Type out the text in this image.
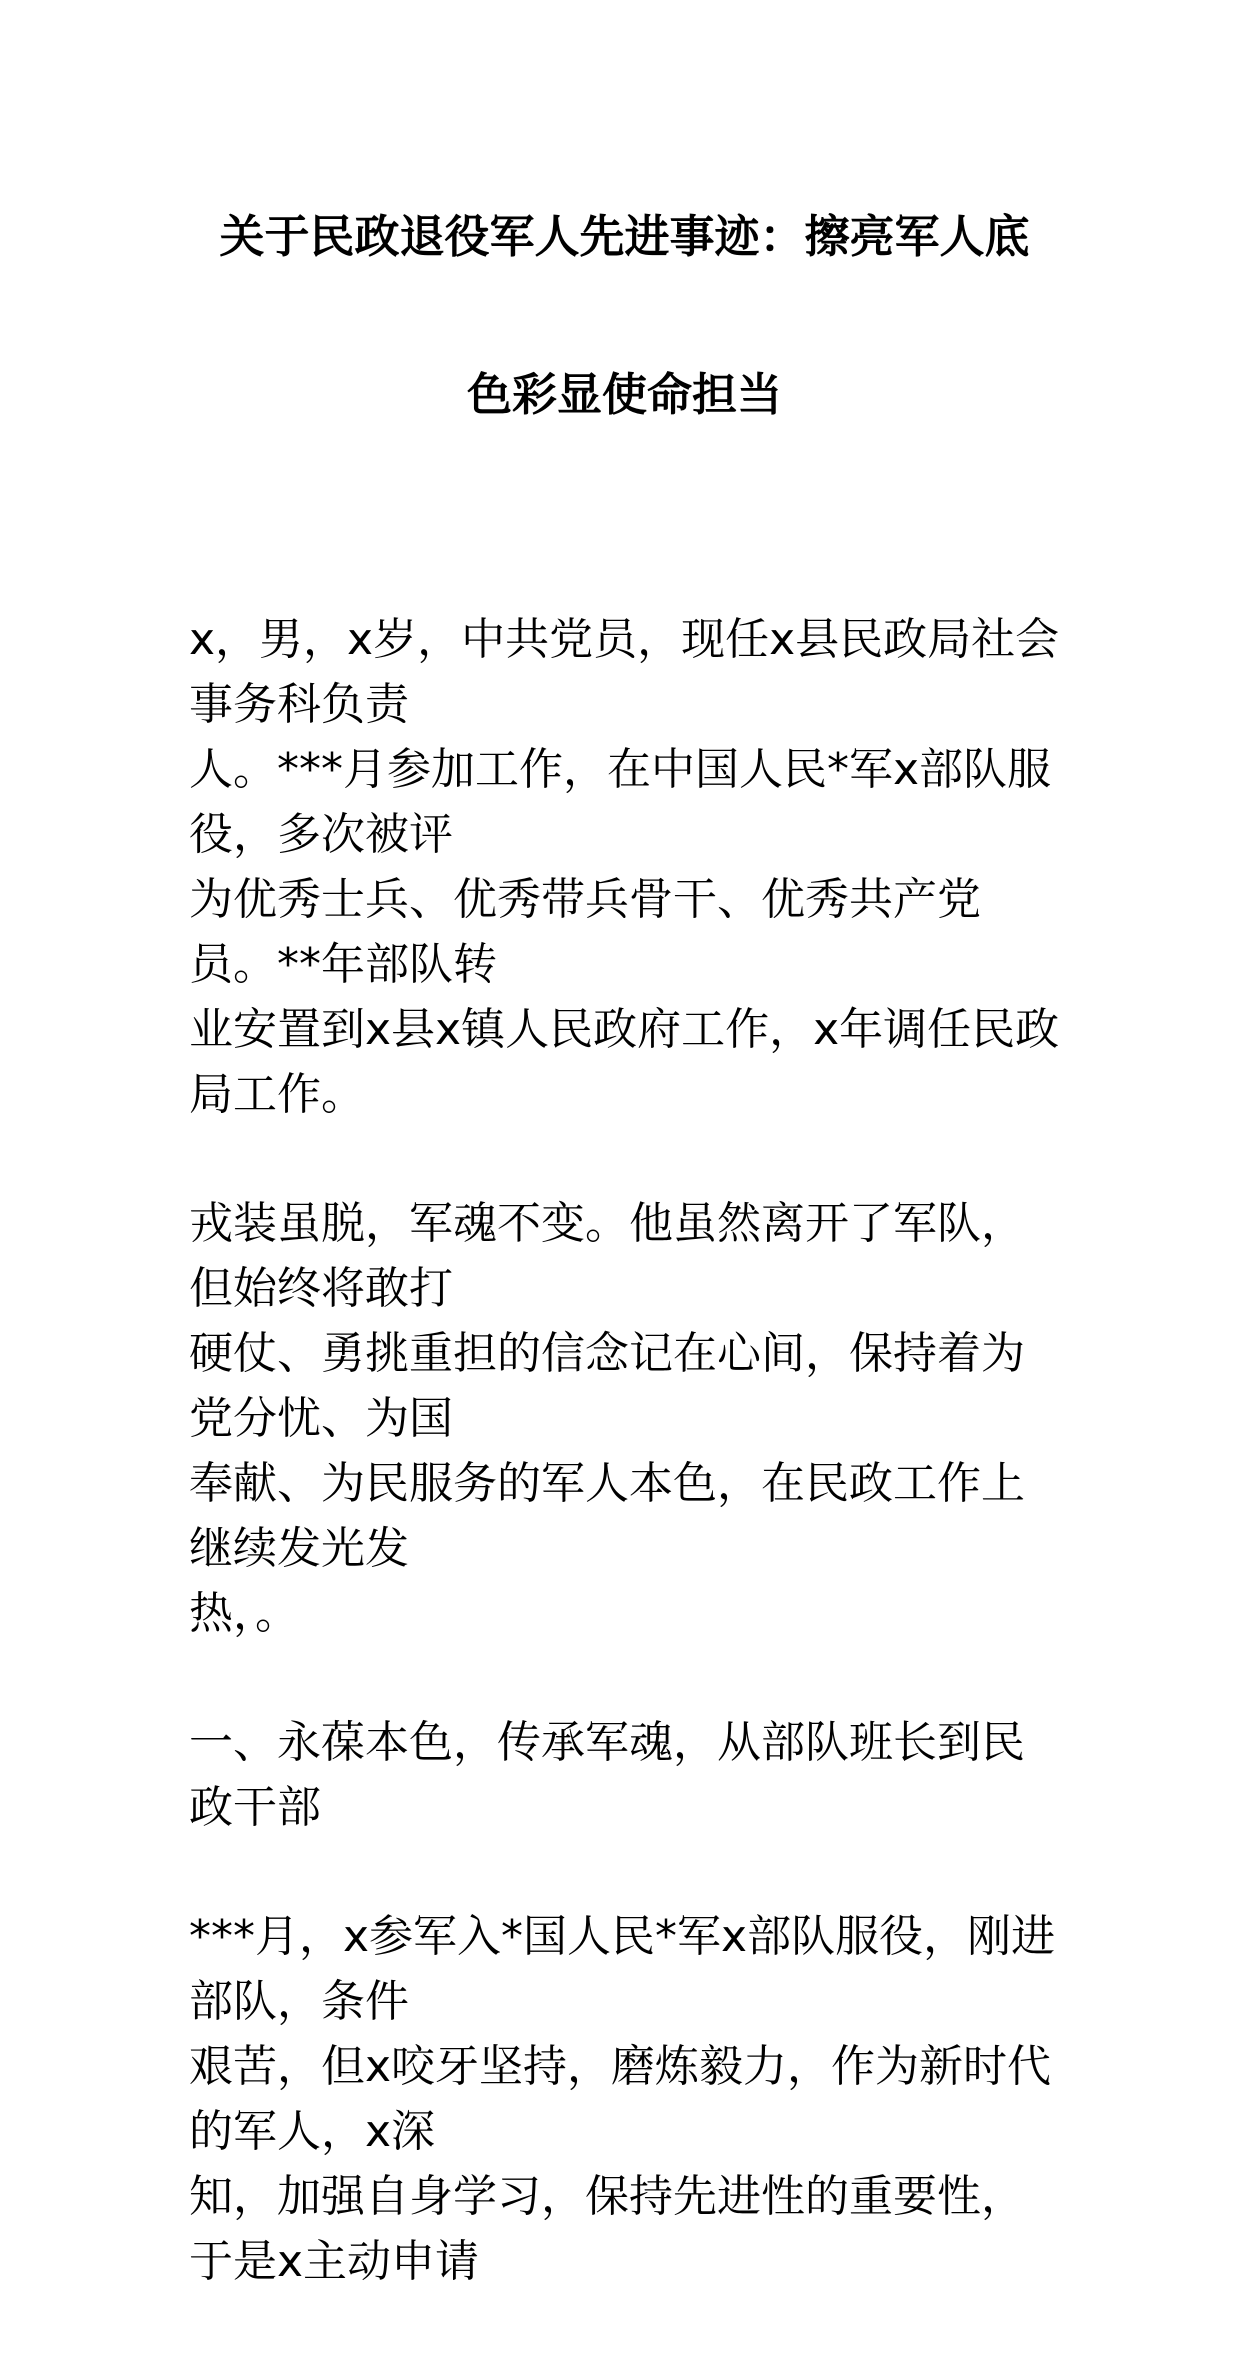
关于民政退役军人先进事迹：擦亮军人底
色彩显使命担当
x，男，x岁，中共党员，现任x县民政局社会事务科负责
人。***月参加工作，在中国人民*军x部队服役，多次被评
为优秀士兵、优秀带兵骨干、优秀共产党员。**年部队转
业安置到x县x镇人民政府工作，x年调任民政局工作。
戎装虽脱，军魂不变。他虽然离开了军队，但始终将敢打
硬仗、勇挑重担的信念记在心间，保持着为党分忧、为国
奉献、为民服务的军人本色，在民政工作上继续发光发
热，。
一、永葆本色，传承军魂，从部队班长到民政干部
***月，x参军入*国人民*军x部队服役，刚进部队，条件
艰苦，但x咬牙坚持，磨炼毅力，作为新时代的军人，x深
知，加强自身学习，保持先进性的重要性，于是x主动申请
